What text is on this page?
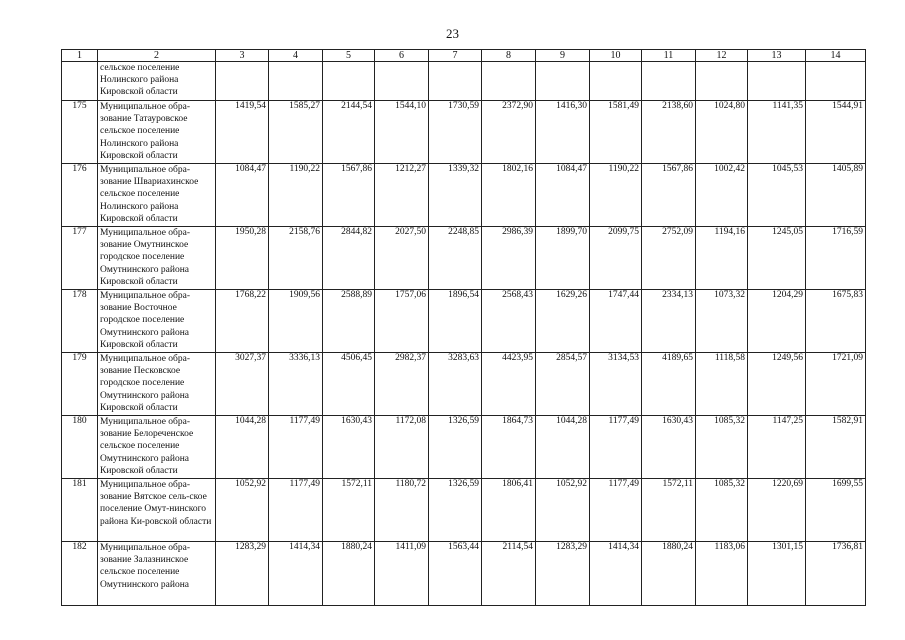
23
1	2	3	4	5	6	7	8	9	10	11	12	13	14
	сельское поселение Нолинского района Кировской области												
175	Муниципальное обра-зование Татауровское сельское поселение Нолинского района Кировской области	1419,54	1585,27	2144,54	1544,10	1730,59	2372,90	1416,30	1581,49	2138,60	1024,80	1141,35	1544,91
176	Муниципальное обра-зование Швариахинское сельское поселение Нолинского района Кировской области	1084,47	1190,22	1567,86	1212,27	1339,32	1802,16	1084,47	1190,22	1567,86	1002,42	1045,53	1405,89
177	Муниципальное обра-зование Омутнинское городское поселение Омутнинского района Кировской области	1950,28	2158,76	2844,82	2027,50	2248,85	2986,39	1899,70	2099,75	2752,09	1194,16	1245,05	1716,59
178	Муниципальное обра-зование Восточное городское поселение Омутнинского района Кировской области	1768,22	1909,56	2588,89	1757,06	1896,54	2568,43	1629,26	1747,44	2334,13	1073,32	1204,29	1675,83
179	Муниципальное обра-зование Песковское городское поселение Омутнинского района Кировской области	3027,37	3336,13	4506,45	2982,37	3283,63	4423,95	2854,57	3134,53	4189,65	1118,58	1249,56	1721,09
180	Муниципальное обра-зование Белореченское сельское поселение Омутнинского района Кировской области	1044,28	1177,49	1630,43	1172,08	1326,59	1864,73	1044,28	1177,49	1630,43	1085,32	1147,25	1582,91
181	Муниципальное обра-зование Вятское сель-ское поселение Омут-нинского района Ки-ровской области	1052,92	1177,49	1572,11	1180,72	1326,59	1806,41	1052,92	1177,49	1572,11	1085,32	1220,69	1699,55
182	Муниципальное обра-зование Залазнинское сельское поселение Омутнинского района	1283,29	1414,34	1880,24	1411,09	1563,44	2114,54	1283,29	1414,34	1880,24	1183,06	1301,15	1736,81
